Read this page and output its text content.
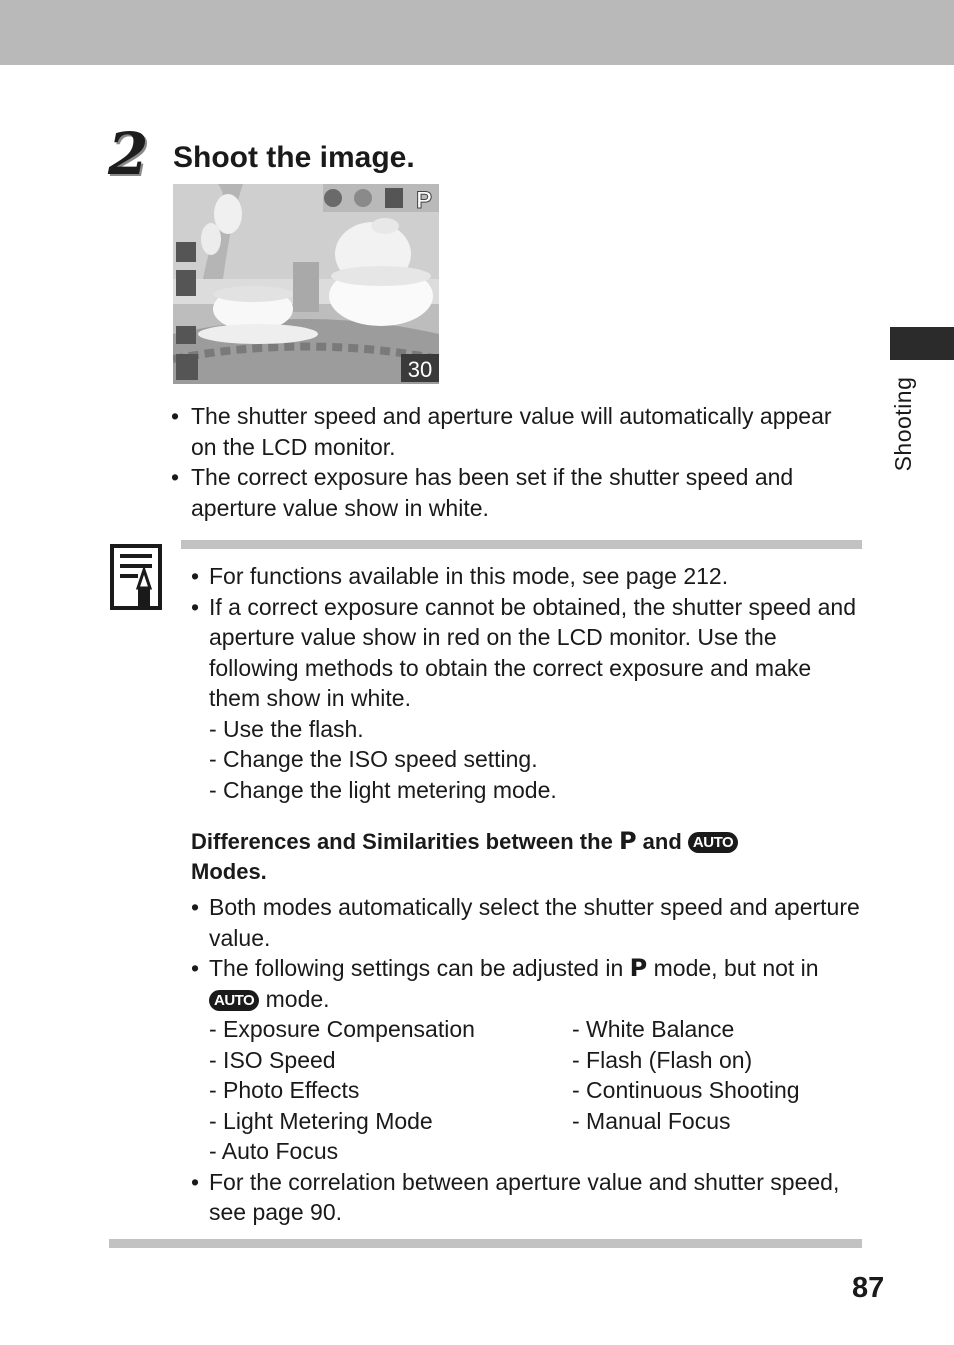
2 Shoot the image.
P
30
Shooting
• The shutter speed and aperture value will automatically appear on the LCD monitor.
• The correct exposure has been set if the shutter speed and aperture value show in white.
• For functions available in this mode, see page 212.
• If a correct exposure cannot be obtained, the shutter speed and aperture value show in red on the LCD monitor. Use the following methods to obtain the correct exposure and make them show in white.
- Use the flash.
- Change the ISO speed setting.
- Change the light metering mode.
Differences and Similarities between the P and AUTO
Modes.
• Both modes automatically select the shutter speed and aperture value.
• The following settings can be adjusted in P mode, but not in AUTO mode.
- Exposure Compensation	- White Balance
- ISO Speed	- Flash (Flash on)
- Photo Effects	- Continuous Shooting
- Light Metering Mode	- Manual Focus
- Auto Focus
• For the correlation between aperture value and shutter speed, see page 90.
87
